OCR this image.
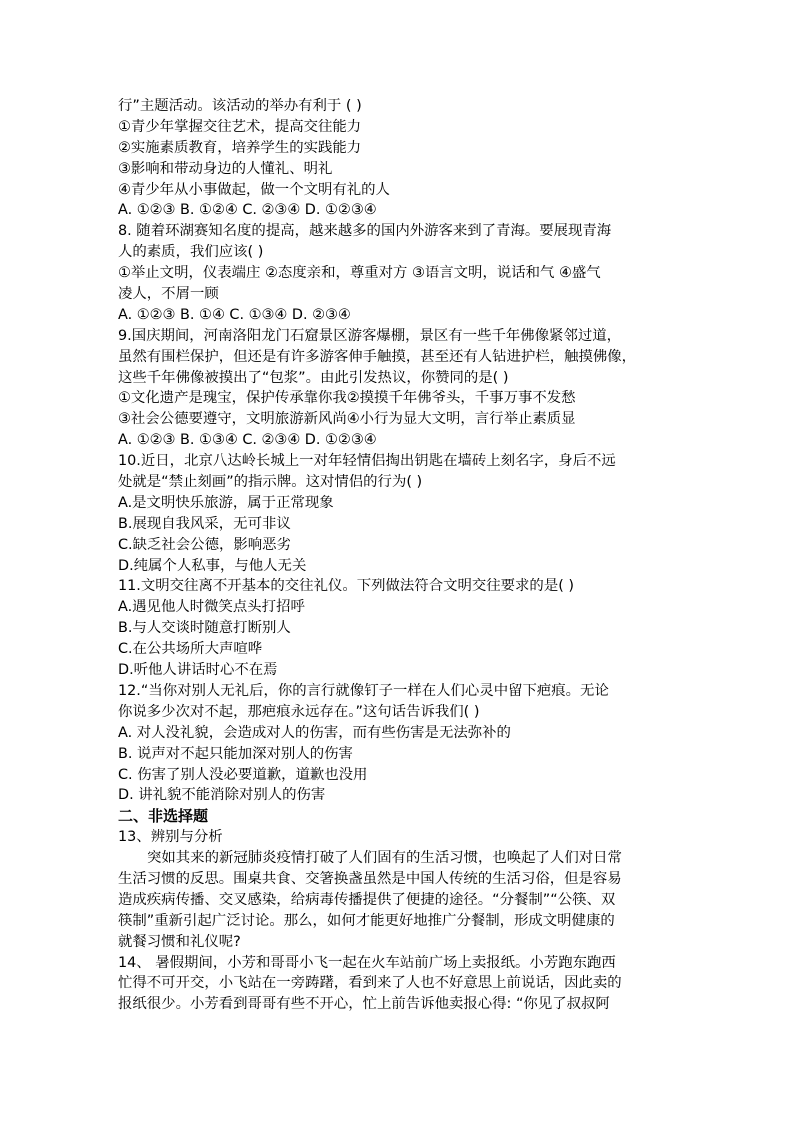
行”主题活动。该活动的举办有利于 ( )
①青少年掌握交往艺术，提高交往能力
②实施素质教育，培养学生的实践能力
③影响和带动身边的人懂礼、明礼
④青少年从小事做起，做一个文明有礼的人
A. ①②③ B. ①②④ C. ②③④ D. ①②③④
8. 随着环湖赛知名度的提高，越来越多的国内外游客来到了青海。要展现青海
人的素质，我们应该( )
①举止文明，仪表端庄 ②态度亲和，尊重对方 ③语言文明，说话和气 ④盛气
凌人，不屑一顾
A. ①②③ B. ①④ C. ①③④ D. ②③④
9.国庆期间，河南洛阳龙门石窟景区游客爆棚，景区有一些千年佛像紧邻过道，
虽然有围栏保护，但还是有许多游客伸手触摸，甚至还有人钻进护栏，触摸佛像，
这些千年佛像被摸出了“包浆”。由此引发热议，你赞同的是( )
①文化遗产是瑰宝，保护传承靠你我②摸摸千年佛爷头，千事万事不发愁
③社会公德要遵守，文明旅游新风尚④小行为显大文明，言行举止素质显
A. ①②③ B. ①③④ C. ②③④ D. ①②③④
10.近日，北京八达岭长城上一对年轻情侣掏出钥匙在墙砖上刻名字，身后不远
处就是“禁止刻画”的指示牌。这对情侣的行为( )
A.是文明快乐旅游，属于正常现象
B.展现自我风采，无可非议
C.缺乏社会公德，影响恶劣
D.纯属个人私事，与他人无关
11.文明交往离不开基本的交往礼仪。下列做法符合文明交往要求的是( )
A.遇见他人时微笑点头打招呼
B.与人交谈时随意打断别人
C.在公共场所大声喧哗
D.听他人讲话时心不在焉
12.“当你对别人无礼后，你的言行就像钉子一样在人们心灵中留下疤痕。无论
你说多少次对不起，那疤痕永远存在。”这句话告诉我们( )
A. 对人没礼貌，会造成对人的伤害，而有些伤害是无法弥补的
B. 说声对不起只能加深对别人的伤害
C. 伤害了别人没必要道歉，道歉也没用
D. 讲礼貌不能消除对别人的伤害
二、非选择题
13、辨别与分析
突如其来的新冠肺炎疫情打破了人们固有的生活习惯，也唤起了人们对日常
生活习惯的反思。围桌共食、交箸换盏虽然是中国人传统的生活习俗，但是容易
造成疾病传播、交叉感染，给病毒传播提供了便捷的途径。“分餐制”“公筷、双
筷制”重新引起广泛讨论。那么，如何才能更好地推广分餐制，形成文明健康的
就餐习惯和礼仪呢?
14、 暑假期间，小芳和哥哥小飞一起在火车站前广场上卖报纸。小芳跑东跑西
忙得不可开交，小飞站在一旁踌躇，看到来了人也不好意思上前说话，因此卖的
报纸很少。小芳看到哥哥有些不开心，忙上前告诉他卖报心得: “你见了叔叔阿
